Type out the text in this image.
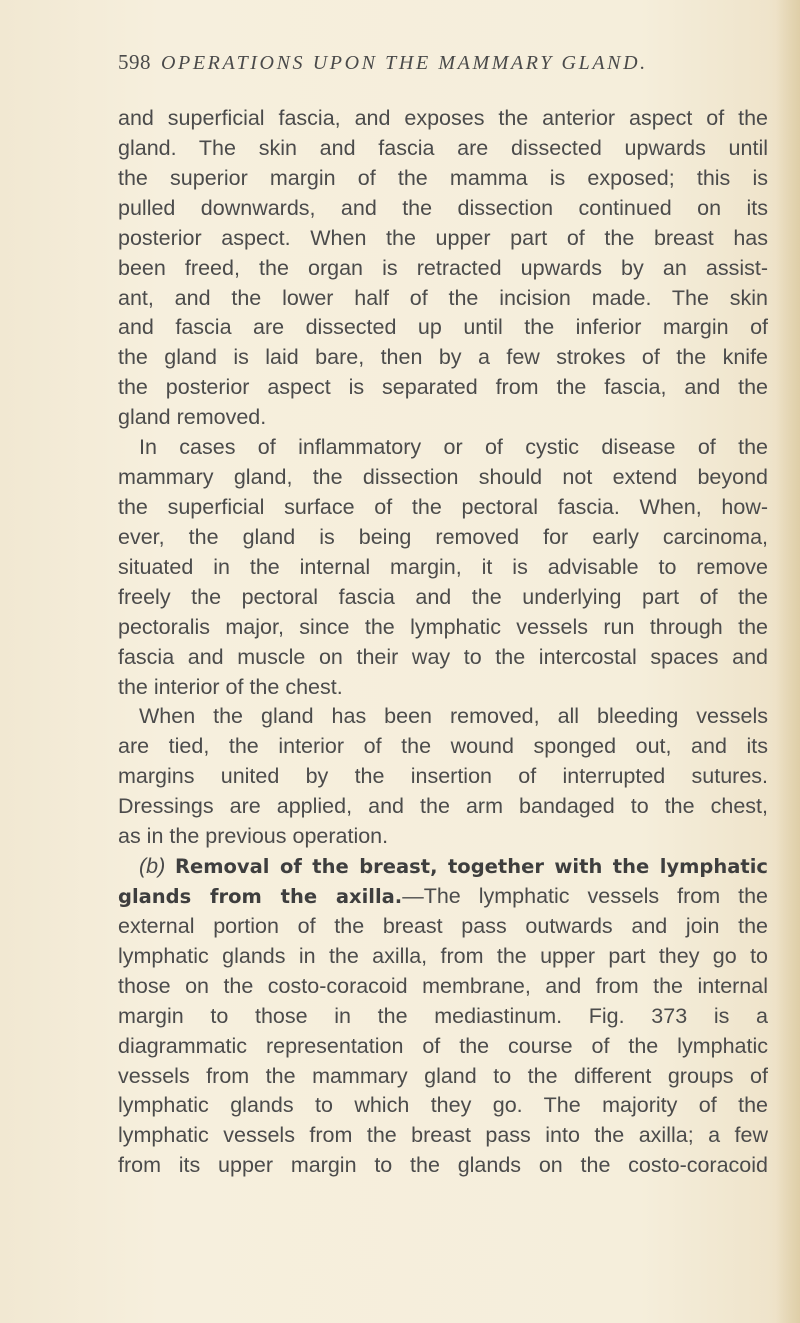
598 OPERATIONS UPON THE MAMMARY GLAND.
and superficial fascia, and exposes the anterior aspect of the
gland. The skin and fascia are dissected upwards until
the superior margin of the mamma is exposed; this is
pulled downwards, and the dissection continued on its
posterior aspect. When the upper part of the breast has
been freed, the organ is retracted upwards by an assist-
ant, and the lower half of the incision made. The skin
and fascia are dissected up until the inferior margin of
the gland is laid bare, then by a few strokes of the knife
the posterior aspect is separated from the fascia, and the
gland removed.
In cases of inflammatory or of cystic disease of the
mammary gland, the dissection should not extend beyond
the superficial surface of the pectoral fascia. When, how-
ever, the gland is being removed for early carcinoma,
situated in the internal margin, it is advisable to remove
freely the pectoral fascia and the underlying part of the
pectoralis major, since the lymphatic vessels run through the
fascia and muscle on their way to the intercostal spaces and
the interior of the chest.
When the gland has been removed, all bleeding vessels
are tied, the interior of the wound sponged out, and its
margins united by the insertion of interrupted sutures.
Dressings are applied, and the arm bandaged to the chest,
as in the previous operation.
(b) Removal of the breast, together with the lymphatic
glands from the axilla.—The lymphatic vessels from the
external portion of the breast pass outwards and join the
lymphatic glands in the axilla, from the upper part they go to
those on the costo-coracoid membrane, and from the internal
margin to those in the mediastinum. Fig. 373 is a
diagrammatic representation of the course of the lymphatic
vessels from the mammary gland to the different groups of
lymphatic glands to which they go. The majority of the
lymphatic vessels from the breast pass into the axilla; a few
from its upper margin to the glands on the costo-coracoid
